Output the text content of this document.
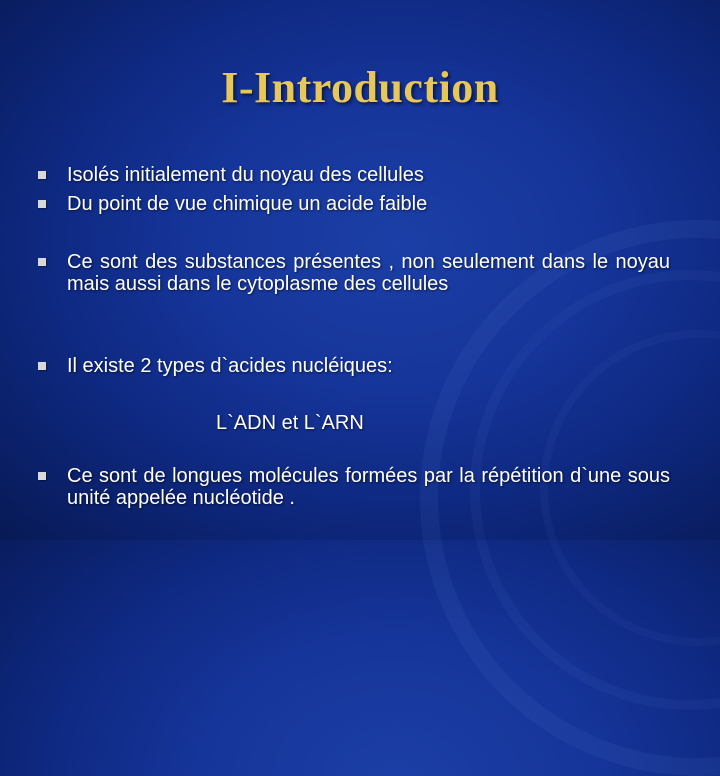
I-Introduction
Isolés initialement du noyau des cellules
Du point de vue chimique un acide faible
Ce sont des substances présentes , non seulement dans le noyau mais aussi dans le cytoplasme des cellules
Il existe 2 types d`acides nucléiques:
L`ADN et L`ARN
Ce sont de longues molécules formées par la répétition d`une sous unité appelée nucléotide .
